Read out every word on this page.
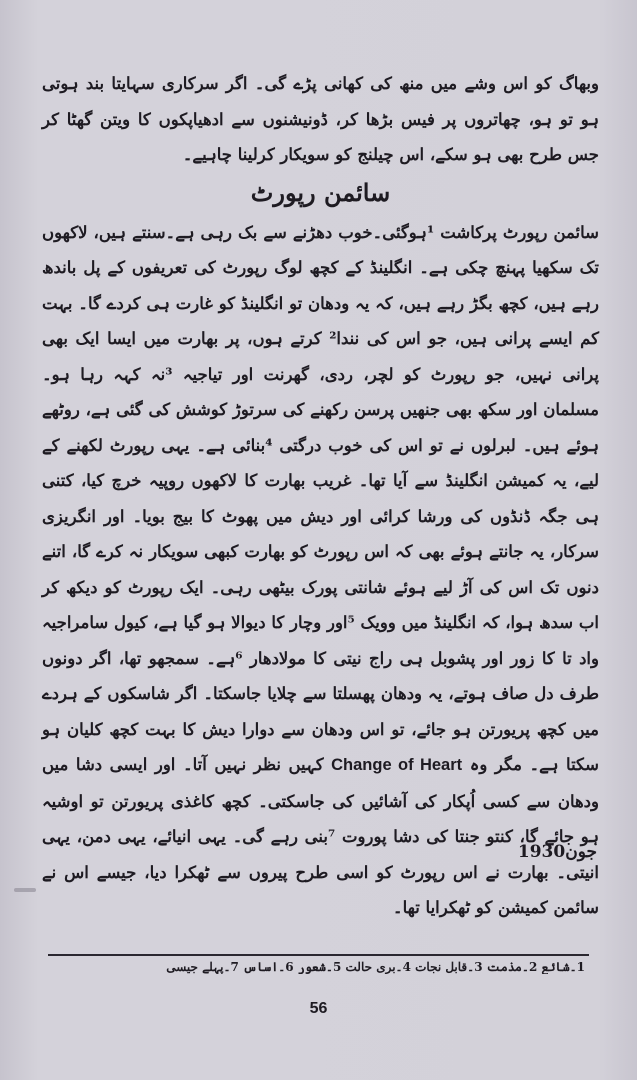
وبھاگ کو اس وشے میں منھ کی کھانی پڑے گی۔ اگر سرکاری سہایتا بند ہوتی ہو تو ہو، چھاتروں پر فیس بڑھا کر، ڈونیشنوں سے ادھیاپکوں کا ویتن گھٹا کر جس طرح بھی ہو سکے، اس چیلنج کو سویکار کرلینا چاہیے۔

سائمن رپورٹ

سائمن رپورٹ پرکاشت ¹ہوگئی۔خوب دھڑنے سے بک رہی ہے۔سنتے ہیں، لاکھوں تک سکھیا پہنچ چکی ہے۔ انگلینڈ کے کچھ لوگ رپورٹ کی تعریفوں کے پل باندھ رہے ہیں، کچھ بگڑ رہے ہیں، کہ یہ ودھان تو انگلینڈ کو غارت ہی کردے گا۔ بہت کم ایسے پرانی ہیں، جو اس کی نندا² کرتے ہوں، پر بھارت میں ایسا ایک بھی پرانی نہیں، جو رپورٹ کو لچر، ردی، گھرنت اور تیاجیہ ³نہ کہہ رہا ہو۔ مسلمان اور سکھ بھی جنھیں پرسن رکھنے کی سرتوڑ کوشش کی گئی ہے، روٹھے ہوئے ہیں۔ لبرلوں نے تو اس کی خوب درگتی ⁴بنائی ہے۔ یہی رپورٹ لکھنے کے لیے، یہ کمیشن انگلینڈ سے آیا تھا۔ غریب بھارت کا لاکھوں روپیہ خرچ کیا، کتنی ہی جگہ ڈنڈوں کی ورشا کرائی اور دیش میں پھوٹ کا بیج بویا۔ اور انگریزی سرکار، یہ جانتے ہوئے بھی کہ اس رپورٹ کو بھارت کبھی سویکار نہ کرے گا، اتنے دنوں تک اس کی آڑ لیے ہوئے شانتی پورک بیٹھی رہی۔ ایک رپورٹ کو دیکھ کر اب سدھ ہوا، کہ انگلینڈ میں وویک ⁵اور وچار کا دیوالا ہو گیا ہے، کیول سامراجیہ واد تا کا زور اور پشوبل ہی راج نیتی کا مولادھار ⁶ہے۔ سمجھو تھا، اگر دونوں طرف دل صاف ہوتے، یہ ودھان پھسلتا سے چلایا جاسکتا۔ اگر شاسکوں کے ہردے میں کچھ پریورتن ہو جائے، تو اس ودھان سے دوارا دیش کا بہت کچھ کلیان ہو سکتا ہے۔ مگر وہ Change of Heart کہیں نظر نہیں آتا۔ اور ایسی دشا میں ودھان سے کسی اُپکار کی آشائیں کی جاسکتی۔ کچھ کاغذی پریورتن تو اوشیہ ہو جائے گا، کنتو جنتا کی دشا پوروت ⁷بنی رہے گی۔ یہی انیائے، یہی دمن، یہی انیتی۔ بھارت نے اس رپورٹ کو اسی طرح پیروں سے ٹھکرا دیا، جیسے اس نے سائمن کمیشن کو ٹھکرایا تھا۔

جون1930
1۔شائع 2۔مذمت 3۔قابل نجات 4۔بری حالت 5۔شعور 6۔اساس 7۔پہلے جیسی
56
